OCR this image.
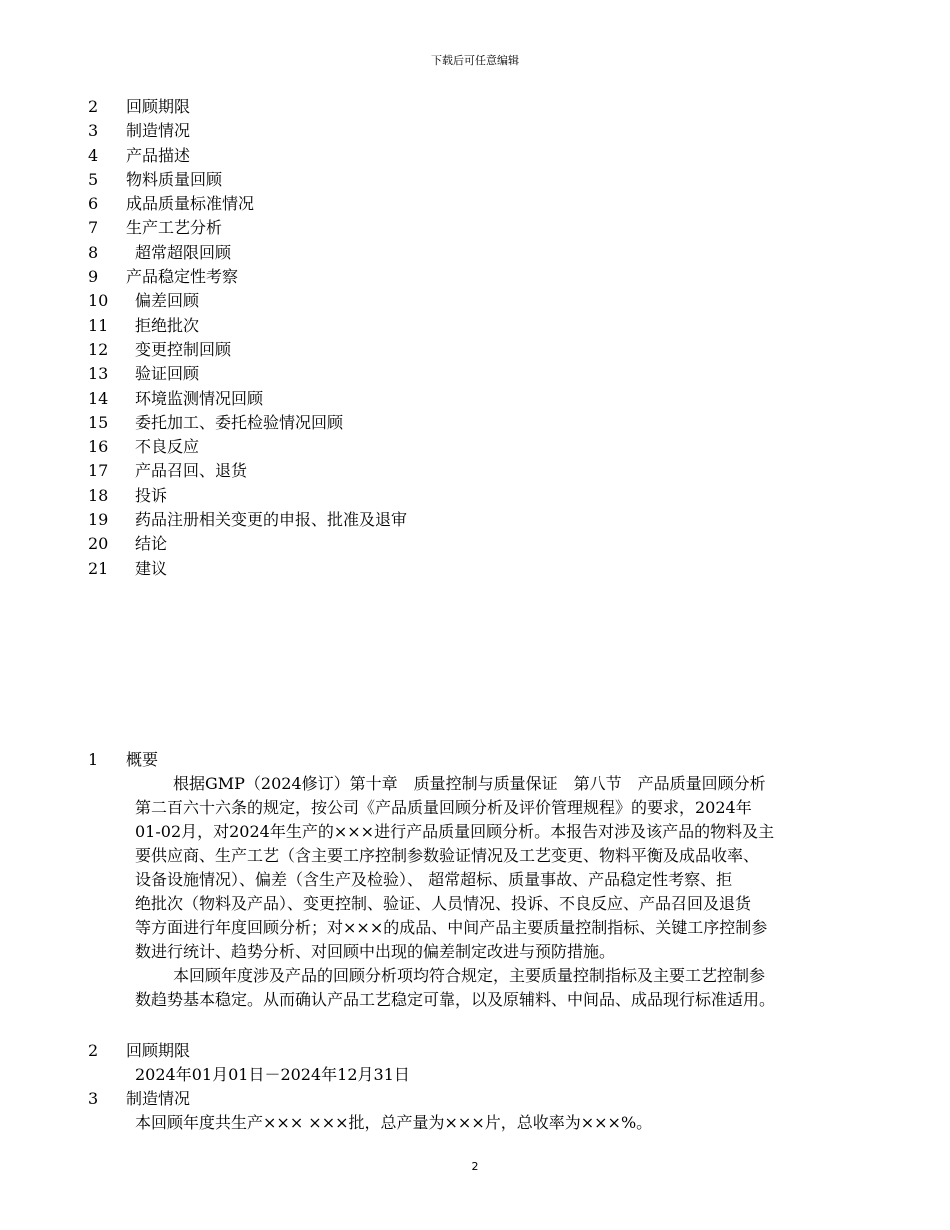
下载后可任意编辑
2	回顾期限
3	制造情况
4	产品描述
5	物料质量回顾
6	成品质量标准情况
7	生产工艺分析
8	超常超限回顾
9	产品稳定性考察
10	偏差回顾
11	拒绝批次
12	变更控制回顾
13	验证回顾
14	环境监测情况回顾
15	委托加工、委托检验情况回顾
16	不良反应
17	产品召回、退货
18	投诉
19	药品注册相关变更的申报、批准及退审
20	结论
21	建议
1	概要
根据GMP（2024修订）第十章　质量控制与质量保证　第八节　产品质量回顾分析
第二百六十六条的规定，按公司《产品质量回顾分析及评价管理规程》的要求，2024年
01-02月，对2024年生产的×××进行产品质量回顾分析。本报告对涉及该产品的物料及主
要供应商、生产工艺（含主要工序控制参数验证情况及工艺变更、物料平衡及成品收率、
设备设施情况）、偏差（含生产及检验）、 超常超标、质量事故、产品稳定性考察、拒
绝批次（物料及产品）、变更控制、验证、人员情况、投诉、不良反应、产品召回及退货
等方面进行年度回顾分析；对×××的成品、中间产品主要质量控制指标、关键工序控制参
数进行统计、趋势分析、对回顾中出现的偏差制定改进与预防措施。
本回顾年度涉及产品的回顾分析项均符合规定，主要质量控制指标及主要工艺控制参
数趋势基本稳定。从而确认产品工艺稳定可靠，以及原辅料、中间品、成品现行标准适用。
2	回顾期限
2024年01月01日－2024年12月31日
3	制造情况
本回顾年度共生产××× ×××批，总产量为×××片，总收率为×××%。
2
